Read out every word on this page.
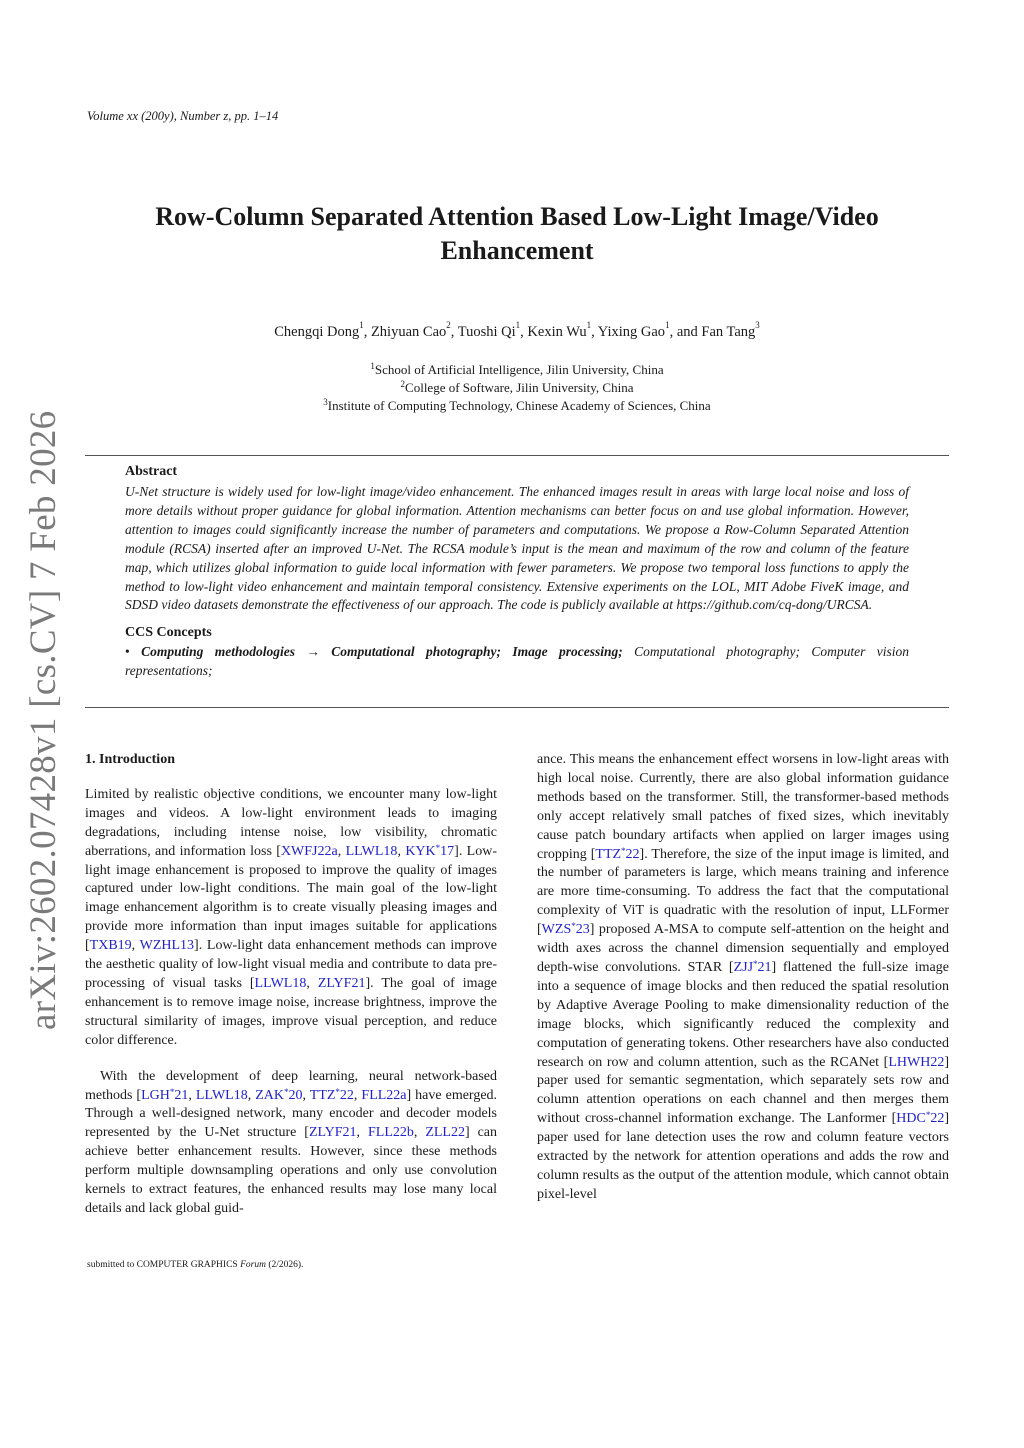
arXiv:2602.07428v1 [cs.CV] 7 Feb 2026
Volume xx (200y), Number z, pp. 1–14
Row-Column Separated Attention Based Low-Light Image/Video Enhancement
Chengqi Dong$^1$, Zhiyuan Cao$^2$, Tuoshi Qi$^1$, Kexin Wu$^1$, Yixing Gao$^1$, and Fan Tang$^3$
$^1$School of Artificial Intelligence, Jilin University, China
$^2$College of Software, Jilin University, China
$^3$Institute of Computing Technology, Chinese Academy of Sciences, China
Abstract

U-Net structure is widely used for low-light image/video enhancement. The enhanced images result in areas with large local noise and loss of more details without proper guidance for global information. Attention mechanisms can better focus on and use global information. However, attention to images could significantly increase the number of parameters and computations. We propose a Row-Column Separated Attention module (RCSA) inserted after an improved U-Net. The RCSA module’s input is the mean and maximum of the row and column of the feature map, which utilizes global information to guide local information with fewer parameters. We propose two temporal loss functions to apply the method to low-light video enhancement and maintain temporal consistency. Extensive experiments on the LOL, MIT Adobe FiveK image, and SDSD video datasets demonstrate the effectiveness of our approach. The code is publicly available at https://github.com/cq-dong/URCSA.

CCS Concepts

• Computing methodologies → Computational photography; Image processing; Computational photography; Computer vision representations;

1. Introduction

Limited by realistic objective conditions, we encounter many low-light images and videos. A low-light environment leads to imaging degradations, including intense noise, low visibility, chromatic aberrations, and information loss [XWFJ22a, LLWL18, KYK*17]. Low-light image enhancement is proposed to improve the quality of images captured under low-light conditions. The main goal of the low-light image enhancement algorithm is to create visually pleasing images and provide more information than input images suitable for applications [TXB19, WZHL13]. Low-light data enhancement methods can improve the aesthetic quality of low-light visual media and contribute to data pre-processing of visual tasks [LLWL18, ZLYF21]. The goal of image enhancement is to remove image noise, increase brightness, improve the structural similarity of images, improve visual perception, and reduce color difference.

With the development of deep learning, neural network-based methods [LGH*21, LLWL18, ZAK*20, TTZ*22, FLL22a] have emerged. Through a well-designed network, many encoder and decoder models represented by the U-Net structure [ZLYF21, FLL22b, ZLL22] can achieve better enhancement results. However, since these methods perform multiple downsampling operations and only use convolution kernels to extract features, the enhanced results may lose many local details and lack global guid-

ance. This means the enhancement effect worsens in low-light areas with high local noise. Currently, there are also global information guidance methods based on the transformer. Still, the transformer-based methods only accept relatively small patches of fixed sizes, which inevitably cause patch boundary artifacts when applied on larger images using cropping [TTZ*22]. Therefore, the size of the input image is limited, and the number of parameters is large, which means training and inference are more time-consuming. To address the fact that the computational complexity of ViT is quadratic with the resolution of input, LLFormer [WZS*23] proposed A-MSA to compute self-attention on the height and width axes across the channel dimension sequentially and employed depth-wise convolutions. STAR [ZJJ*21] flattened the full-size image into a sequence of image blocks and then reduced the spatial resolution by Adaptive Average Pooling to make dimensionality reduction of the image blocks, which significantly reduced the complexity and computation of generating tokens. Other researchers have also conducted research on row and column attention, such as the RCANet [LHWH22] paper used for semantic segmentation, which separately sets row and column attention operations on each channel and then merges them without cross-channel information exchange. The Lanformer [HDC*22] paper used for lane detection uses the row and column feature vectors extracted by the network for attention operations and adds the row and column results as the output of the attention module, which cannot obtain pixel-level

submitted to COMPUTER GRAPHICS Forum (2/2026).
